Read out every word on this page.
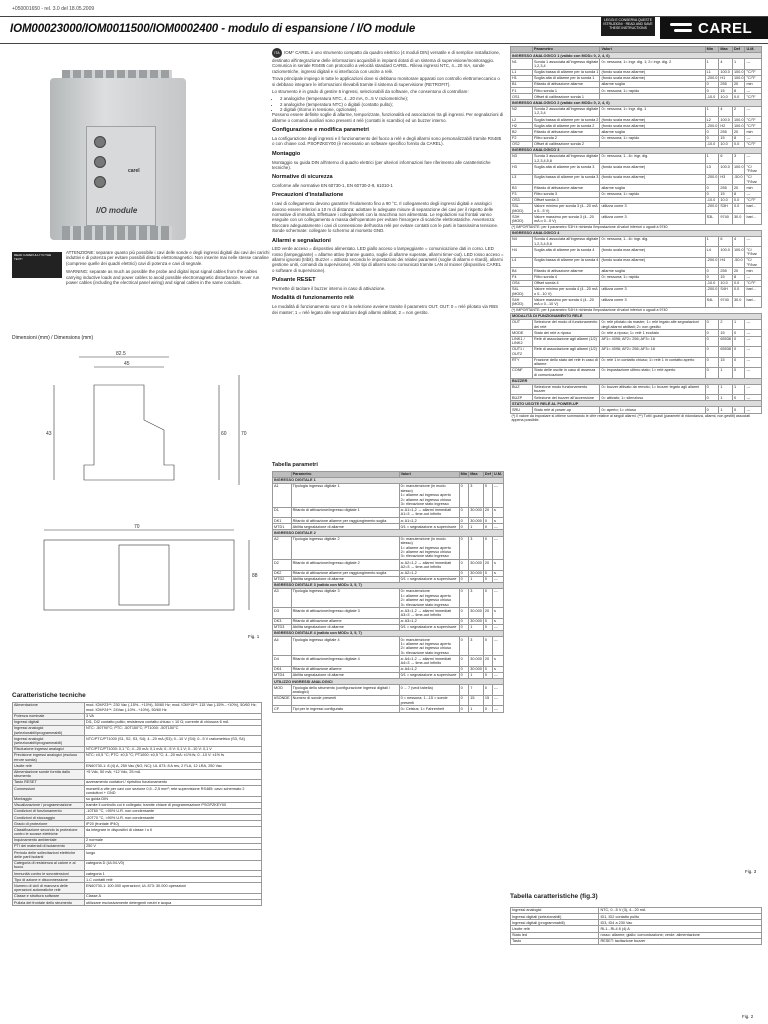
+050001650 - rel. 3.0 del 18.05.2009
IOM00023000/IOM0011500/IOM0002400 - modulo di espansione / I/O module
LEGGI E CONSERVA QUESTE ISTRUZIONI · READ AND SAVE THESE INSTRUCTIONS	CAREL
carel
I/O module
READ CAREFULLY IN THE TEXT!

ATTENZIONE: separare quanto più possibile i cavi delle sonde e degli ingressi digitali dai cavi dei carichi induttivi e di potenza per evitare possibili disturbi elettromagnetici. Non inserire mai nelle stesse canaline (comprese quelle dei quadri elettrici) cavi di potenza e cavi di segnale.

WARNING: separate as much as possible the probe and digital input signal cables from the cables carrying inductive loads and power cables to avoid possible electromagnetic disturbance. Never run power cables (including the electrical panel wiring) and signal cables in the same conduits.

Dimensioni (mm) / Dimensions (mm)
82.5
45
43	60	70
70
88
Fig. 1
Caratteristiche tecniche
Alimentazione	mod. IOM*23**: 230 Vac (-15%...+10%), 50/60 Hz; mod. IOM*15**: 115 Vac (-15%...+10%), 50/60 Hz; mod. IOM*24**: 24Vac (-10%...+10%), 50/60 Hz
Potenza nominale	3 VA
Ingressi digitali	DI1, DI2 contatto pulito; resistenza contatto chiuso < 10 Ω; corrente di chiusura 6 mA
Ingressi analogici (selezionabili/programmabili)	NTC: -50T90°C; PTC: -50T150°C; PT1000: -50T150°C
Ingressi analogici (selezionabili/programmabili)	NTC/PTC/PT1000 (S1, S2, S3, S4); 4...20 mA (S3); 0...10 V (S4); 0...5 V raziometrico (S3, S4)
Risoluzione ingressi analogici	NTC/PTC/PT1000: 0,1 °C; 4...20 mA: 0,1 mA; 0...5 V: 0,1 V; 0...10 V: 0,1 V
Precisione ingressi analogici (escluso errore sonda)	NTC: ±0,5 °C; PTC: ±0,5 °C; PT1000: ±0,5 °C; 4...20 mA: ±1% fs; 0...10 V: ±1% fs
Uscite relè	EN60730-1: 8 (4) A, 250 Vac (NO, NC); UL 873: 8 A res, 2 FLA, 12 LRA, 250 Vac
Alimentazione sonde fornita dallo strumento	+5 Vdc, 50 mA; +12 Vdc, 25 mA
Tasto RESET	azzeramento contatori / ripristino funzionamento
Connessioni	morsetti a vite per cavi con sezione 0,5...2,5 mm²; rete supervisione RS485: cavo schermato 2 conduttori + GND
Montaggio	su guida DIN
Visualizzazione / programmazione	tramite il controllo cui è collegato; tramite chiave di programmazione PSOPZKEY00
Condizioni di funzionamento	-10T60 °C, <90% U.R. non condensante
Condizioni di stoccaggio	-20T70 °C, <90% U.R. non condensante
Grado di protezione	IP20 (frontale IP40)
Classificazione secondo la protezione contro le scosse elettriche	da integrare in dispositivi di classe I o II
Inquinamento ambientale	2 normale
PTI dei materiali di isolamento	250 V
Periodo delle sollecitazioni elettriche delle parti isolanti	lungo
Categoria di resistenza al calore e al fuoco	categoria D (UL94-V0)
Immunità contro le sovratensioni	categoria 1
Tipo di azione e disconnessione	1.C contatti relè
Numero di cicli di manovra delle operazioni automatiche relè	EN60730-1: 100.000 operazioni; UL 873: 30.000 operazioni
Classe e struttura software	Classe A
Pulizia del frontale dello strumento	utilizzare esclusivamente detergenti neutri e acqua

ITA IOM* CAREL è uno strumento compatto da quadro elettrico (4 moduli DIN) versatile e di semplice installazione, destinato all'integrazione delle informazioni acquisibili in impianti dotati di un sistema di supervisione/monitoraggio. Comunica in seriale RS485 con protocollo a velocità standard CAREL. Rileva ingressi NTC, 4...20 mA, sonde raziometriche, ingressi digitali e si interfaccia con uscite a relè.

Trova principale impiego in tutte le applicazioni dove si debbano monitorare apparati con controllo elettromeccanico o si debbano integrare le informazioni rilevabili tramite il sistema di supervisione (RETROFIT).

Lo strumento è in grado di gestire 6 ingressi, selezionabili da software, che consentono di controllare:

• 2 analogiche (temperatura NTC, 4...20 mA, 0...5 V raziometriche);
• 2 analogiche (temperatura NTC) o digitali (contatto pulito);
• 2 digitali (ritorno in tensione, opzionale).

Possono essere definite soglie di allarme, temporizzate, funzionalità ed associazioni tra gli ingressi. Per segnalazioni di allarme o comandi ausiliari sono presenti 4 relè (contatti in scambio) ed un buzzer interno.

Configurazione e modifica parametri

La configurazione degli ingressi e il funzionamento del fuoco a relè e degli allarmi sono personalizzabili tramite RS485 o con chiave cod. PSOPZKEY00 (è necessario un software specifico fornito da CAREL).

Montaggio

Montaggio su guida DIN all'interno di quadro elettrici (per ulteriori informazioni fare riferimento alle caratteristiche tecniche).

Normative di sicurezza

Conforme alle normative EN 60730-1, EN 60730-2-9, 61010-1

Precauzioni d'installazione

I cavi di collegamento devono garantire l'isolamento fino a 90 °C. Il collegamento degli ingressi digitali e analogici devono essere inferiori a 10 m di distanza: adottare le adeguate misure di separazione dei cavi per il rispetto delle normative di immunità. Effettuare i collegamenti con la macchina non alimentata. Le regolazioni sui frontali vanno eseguite con un collegamento a massa dell'operatore per evitare l'insorgere di scariche elettrostatiche. Avvertenza: Bloccare adeguatamente i cavi di connessione dell'uscita relè per evitare contatti con le parti in bassissima tensione. Sonde schermate: collegare lo schermo al morsetto GND.

Allarmi e segnalazioni

LED verde acceso = dispositivo alimentato. LED giallo acceso o lampeggiante = comunicazione dati in corso. LED rosso (lampeggiante) = allarme attivo (tranne guasto, soglie di allarme superate, allarmi timer-out). LED rosso acceso = allarmi ignorati (tribit). Buzzer = attivato secondo le impostazioni dei relativi parametri (soglie di allarmi e ritardi), allarmi gestione uniti, comandi da supervisione). Altri tipi di allarmi sono comunicati tramite LAN al mioser (dispositivo CAREL o software di supervisione).

Pulsante RESET

Permette di tacitare il buzzer interno in caso di attivazione.

Modalità di funzionamento relè

Le modalità di funzionamento sono 0 e la selezione avviene tramite il parametro OUT. OUT: 0 = relè pilotato via RBS dei master; 1 = relè legato alle segnalazioni degli allarmi abilitati; 2 = non gestito.

Tabella parametri
	Parametro	Valori	Min	Max	Def	U.M.
INGRESSO DIGITALE 1						
A1	Tipologia ingresso digitale 1	0= manutenzione (in modo stesso)
1= allarme ad ingresso aperto
2= allarme ad ingresso chiuso
3= rilevazione stato ingresso	0	3	0	---
D1	Ritardo di attivazione/ingresso digitale 1	a: A1=1,2 → allarmi immediati
A1=3 → time-out infinito	0	30.000	20	s
DK1	Ritardo di attivazione allarme per raggiungimento soglia	a: A1=1,2	0	30.000	0	s
MTD1	Abilita segnalazione di allarme	0/1 = segnalazione a supervisore	0	1	0	---
INGRESSO DIGITALE 2						
A2	Tipologia ingresso digitale 2	0= manutenzione (in modo stesso)
1= allarme ad ingresso aperto
2= allarme ad ingresso chiuso
3= rilevazione stato ingresso	0	3	0	---
D2	Ritardo di attivazione/ingresso digitale 2	a: A2=1,2 → allarmi immediati
A2=3 → time-out infinito	0	30.000	20	s
DK2	Ritardo di attivazione allarme per raggiungimento soglia	a: A2=1,2	0	30.000	0	s
MTD2	Abilita segnalazione di allarme	0/1 = segnalazione a supervisore	0	1	0	---
INGRESSO DIGITALE 3 (valido con MOD= 3, 5, 7)						
A3	Tipologia ingresso digitale 3	0= manutenzione
1= allarme ad ingresso aperto
2= allarme ad ingresso chiuso
3= rilevazione stato ingresso	0	3	0	---
D3	Ritardo di attivazione/ingresso digitale 3	a: A3=1,2 → allarmi immediati
A3=3 → time-out infinito	0	30.000	20	s
DK3	Ritardo di attivazione allarme	a: A3=1,2	0	30.000	0	s
MTD3	Abilita segnalazione di allarme	0/1 = segnalazione a supervisore	0	1	0	---
INGRESSO DIGITALE 4 (valido con MOD= 3, 5, 7)						
A4	Tipologia ingresso digitale 4	0= manutenzione
1= allarme ad ingresso aperto
2= allarme ad ingresso chiuso
3= rilevazione stato ingresso	0	3	0	---
D4	Ritardo di attivazione/ingresso digitale 4	a: A4=1,2 → allarmi immediati
A4=3 → time-out infinito	0	30.000	20	s
DK4	Ritardo di attivazione allarme	a: A4=1,2	0	30.000	0	s
MTD4	Abilita segnalazione di allarme	0/1 = segnalazione a supervisore	0	1	0	---
UTILIZZO INGRESSI ANALOGICI						
MOD	Tipologia dello strumento (configurazione ingressi digitali / analogici)	0 ... 7 (vedi tabella)	0	7	0	---
#SONDE	Numero di sonde presenti	0 = nessuna; 1...15 = sonde presenti	0	15	15	---
CF	Tipi per le ingressi configurato	0= Celsius; 1= Fahrenheit	0	1	0	---
	Parametro	Valori	Min	Max	Def	U.M.
INGRESSO ANALOGICO 1 (valido con MOD= 0, 2, 4, 6)						
N1	Sonda 1 associata all'ingresso digitale 1,2,3,4	0= nessuna; 1= ingr. dig. 1; 2= ingr. dig. 2	1	4	1	---
L1	Soglia bassa di allarme per la sonda 1	(fondo scala max allarme)	L1	100.0	100.0	°C/°F
H1	Soglia alta di allarme per la sonda 1	(fondo scala max allarme)	-200.0	H1	100.0	°C/°F
B1	Ritardo di attivazione allarme	allarme soglia	0	255	20	min
F1	Filtro sonda 1	0= nessuna; 1= rapido	0	15	8	---
OS1	Offset di calibrazione sonda 1		-10.0	10.0	0.0	°C/°F
INGRESSO ANALOGICO 2 (valido con MOD= 0, 2, 4, 6)						
N2	Sonda 2 associata all'ingresso digitale 1,2,3,4	0= nessuna; 1= ingr. dig. 1	1	4	2	---
L2	Soglia bassa di allarme per la sonda 2	(fondo scala max allarme)	L2	100.0	100.0	°C/°F
H2	Soglia alta di allarme per la sonda 2	(fondo scala max allarme)	-200.0	H2	100.0	°C/°F
B2	Ritardo di attivazione allarme	allarme soglia	0	255	20	min
F2	Filtro sonda 2	0= nessuna; 1= rapido	0	15	8	---
OS2	Offset di calibrazione sonda 2		-10.0	10.0	0.0	°C/°F
INGRESSO ANALOGICO 3						
N3	Sonda 3 associata all'ingresso digitale 1,2,3,4,5,6	0= nessuna; 1...6= ingr. dig.	1	6	3	---
H3	Soglia alta di allarme per la sonda 3	(fondo scala max allarme)	L3	100.0	100.0	°C/°F/bar
L3	Soglia bassa di allarme per la sonda 3	(fondo scala max allarme)	-200.0	H3	-50.0	°C/°F/bar
B3	Ritardo di attivazione allarme	allarme soglia	0	255	20	min
F3	Filtro sonda 3	0= nessuna; 1= rapido	0	15	8	---
OS3	Offset sonda 3		-10.0	10.0	0.0	°C/°F
S3L (MOD)	Valore minimo per sonda 3 (4...20 mA o 0...5 V)	utilizza come 3	-200.0	S3H	0.0	bar/...
S3H (MOD)	Valore massimo per sonda 3 (4...20 mA o 0...5 V)	utilizza come 3	S3L	9740	30.0	bar/...
(*) IMPORTANTE: per il parametro S3H è richiesta l'impostazione di valori inferiori o uguali a 9740						
INGRESSO ANALOGICO 4						
N4	Sonda 4 associata all'ingresso digitale 1,2,3,4,5,6	0= nessuna; 1...6= ingr. dig.	1	6	4	---
H4	Soglia alta di allarme per la sonda 4	(fondo scala max allarme)	L4	100.0	100.0	°C/°F/bar
L4	Soglia bassa di allarme per la sonda 4	(fondo scala max allarme)	-200.0	H4	-50.0	°C/°F/bar
B4	Ritardo di attivazione allarme	allarme soglia	0	255	20	min
F4	Filtro sonda 4	0= nessuna; 1= rapido	0	15	8	---
OS4	Offset sonda 4		-10.0	10.0	0.0	°C/°F
S4L (MOD)	Valore minimo per sonda 4 (4...20 mA o 0...10 V)	utilizza come 3	-200.0	S4H	0.0	bar/...
S4H (MOD)	Valore massimo per sonda 4 (4...20 mA o 0...10 V)	utilizza come 3	S4L	9740	30.0	bar/...
(*) IMPORTANTE: per il parametro S4H è richiesta l'impostazione di valori inferiori o uguali a 9740						
MODALITÀ DI FUNZIONAMENTO RELÈ						
OUT	Selezione del modo di funzionamento dei relè	0= relè pilotato da master; 1= relè legato alle segnalazioni degli allarmi abilitati; 2= non gestito	0	2	1	---
MODE	Stato dei relè a riposo	0= relè a riposo; 1= relè 1 eccitato	0	15	0	---
LINK1 / LINK2	Relè di associazione agli allarmi (1/2)	AF1= 4096; AF2= 256; AF3= 16	0	65536	0	---
OUT1 / OUT2	Relè di associazione agli allarmi (1/2)	AF1= 4096; AF2= 256; AF3= 16	0	65536	0	---
RTY	Frazione dello stato dei relè in caso di allarme	0= relè 1 in contatto chiuso; 1= relè 1 in contatto aperto	0	15	0	---
CONF	Stato delle uscite in caso di assenza di comunicazione	0= impostazione ultimo stato; 1= relè aperto	0	1	0	---
BUZZER						
BUZ	Selezione modo funzionamento buzzer	0= buzzer attivato da remoto; 1= buzzer legato agli allarmi	0	1	1	---
BUZP	Selezione del buzzer all'accensione	0= attivato; 1= silenzioso	0	1	0	---
STATO USCITE RELÈ AL POWER-UP						
SRU	Stato relè al power-up	0= aperto; 1= chiuso	0	1	0	---
(*) Il valore da impostare si ottiene sommando le cifre relative ai singoli allarmi. (**) Tutti i guasti (parametri di ridondanza, allarmi, non gestiti) associati appena possibile.						
Fig. 3
Tabella caratteristiche (fig.3)
Ingressi analogici	NTC, 0...5 V (3), 4...20 mA
Ingressi digitali (selezionabili)	ID1, ID2 contatto pulito
Ingressi digitali (programmabili)	ID3, ID4 a 230 Vac
Uscite relè	RL1...RL4 8 (4) A
Stato led	rosso: allarme; giallo: comunicazione; verde: alimentazione
Tasto	RESET: tacitazione buzzer
Fig. 2
